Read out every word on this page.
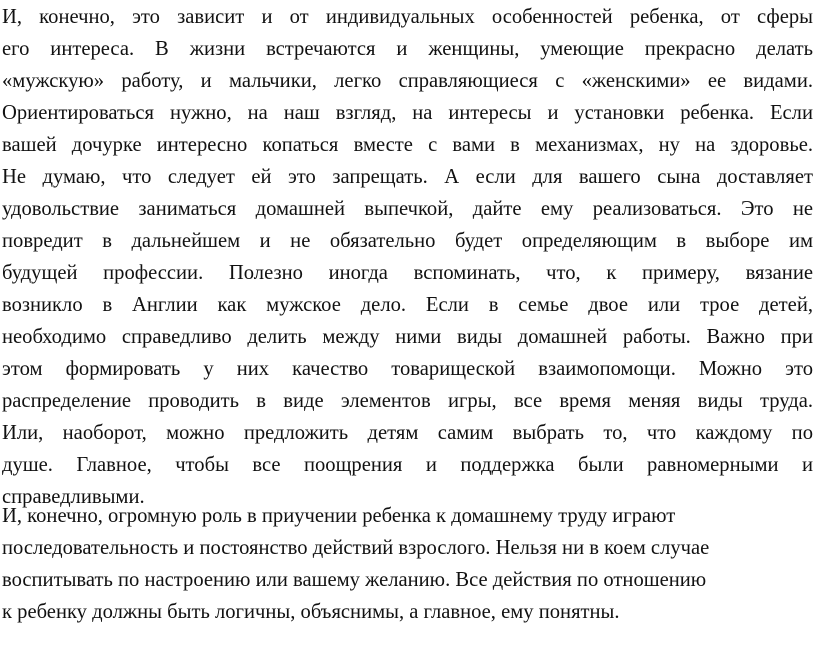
И, конечно, это зависит и от индивидуальных особенностей ребенка, от сферы
его интереса. В жизни встречаются и женщины, умеющие прекрасно делать
«мужскую» работу, и мальчики, легко справляющиеся с «женскими» ее видами.
Ориентироваться нужно, на наш взгляд, на интересы и установки ребенка. Если
вашей дочурке интересно копаться вместе с вами в механизмах, ну на здоровье.
Не думаю, что следует ей это запрещать. А если для вашего сына доставляет
удовольствие заниматься домашней выпечкой, дайте ему реализоваться. Это не
повредит в дальнейшем и не обязательно будет определяющим в выборе им
будущей профессии. Полезно иногда вспоминать, что, к примеру, вязание
возникло в Англии как мужское дело. Если в семье двое или трое детей,
необходимо справедливо делить между ними виды домашней работы. Важно при
этом формировать у них качество товарищеской взаимопомощи. Можно это
распределение проводить в виде элементов игры, все время меняя виды труда.
Или, наоборот, можно предложить детям самим выбрать то, что каждому по
душе. Главное, чтобы все поощрения и поддержка были равномерными и
справедливыми.
И, конечно, огромную роль в приучении ребенка к домашнему труду играют
последовательность и постоянство действий взрослого. Нельзя ни в коем случае
воспитывать по настроению или вашему желанию. Все действия по отношению
к ребенку должны быть логичны, объяснимы, а главное, ему понятны.
